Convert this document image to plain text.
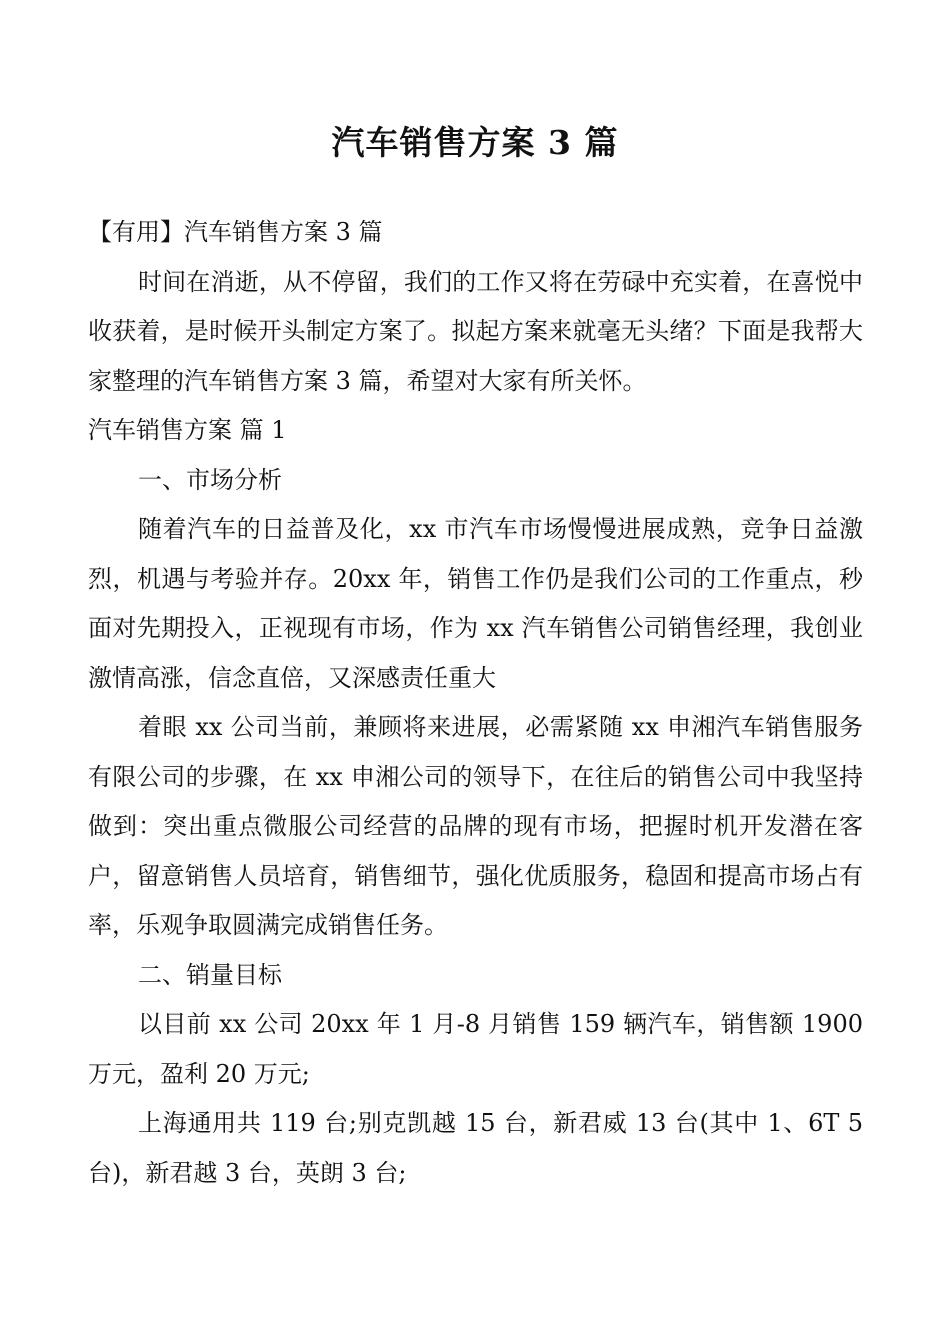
汽车销售方案 3 篇

【有用】汽车销售方案 3 篇

时间在消逝，从不停留，我们的工作又将在劳碌中充实着，在喜悦中收获着，是时候开头制定方案了。拟起方案来就毫无头绪？下面是我帮大家整理的汽车销售方案 3 篇，希望对大家有所关怀。

汽车销售方案 篇 1

一、市场分析

随着汽车的日益普及化，xx 市汽车市场慢慢进展成熟，竞争日益激烈，机遇与考验并存。20xx 年，销售工作仍是我们公司的工作重点，秒面对先期投入，正视现有市场，作为 xx 汽车销售公司销售经理，我创业激情高涨，信念直倍，又深感责任重大

着眼 xx 公司当前，兼顾将来进展，必需紧随 xx 申湘汽车销售服务有限公司的步骤，在 xx 申湘公司的领导下，在往后的销售公司中我坚持做到：突出重点微服公司经营的品牌的现有市场，把握时机开发潜在客户，留意销售人员培育，销售细节，强化优质服务，稳固和提高市场占有率，乐观争取圆满完成销售任务。

二、销量目标

以目前 xx 公司 20xx 年 1 月-8 月销售 159 辆汽车，销售额 1900 万元，盈利 20 万元;

上海通用共 119 台;别克凯越 15 台，新君威 13 台(其中 1、6T 5 台)，新君越 3 台，英朗 3 台;
